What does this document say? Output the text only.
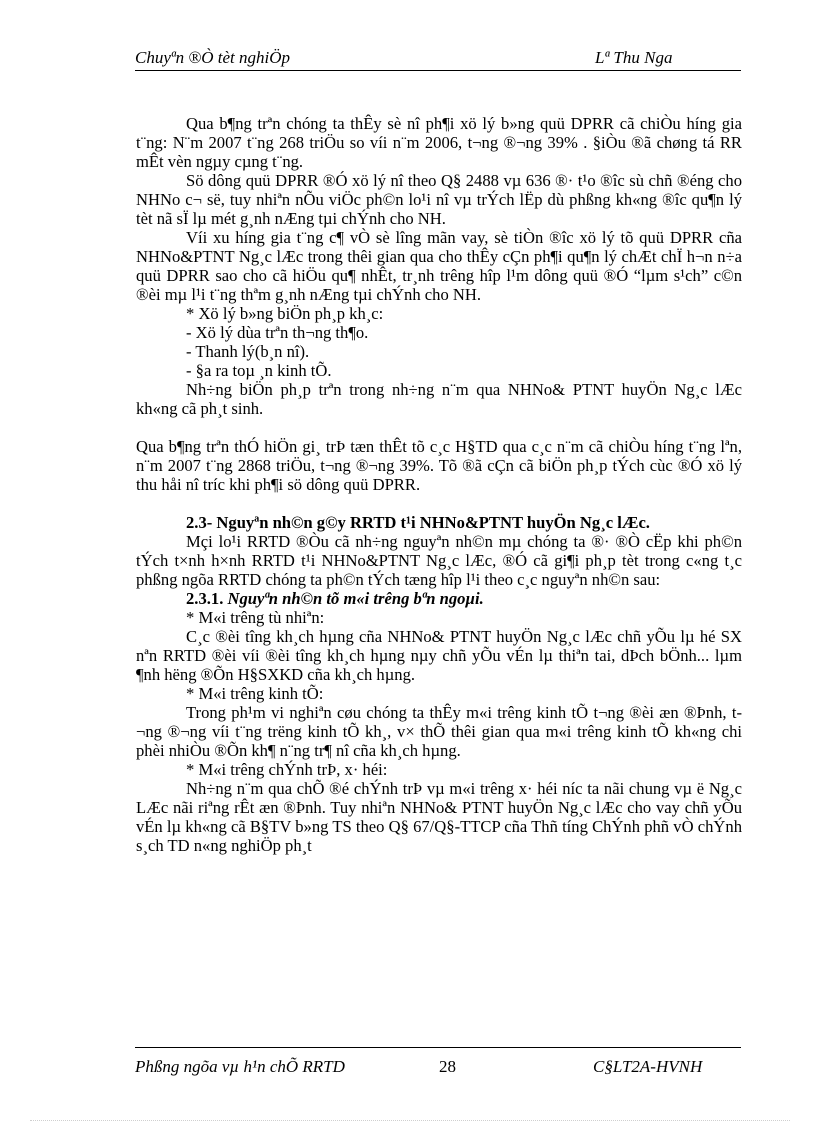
Chuyªn ®Ò tèt nghiÖp	Lª Thu Nga

Qua b¶ng trªn chóng ta thÊy sè nî ph¶i xö lý b»ng quü DPRR cã chiÒu híng gia t¨ng: N¨m 2007 t¨ng 268 triÖu so víi n¨m 2006, t¬ng ®¬ng 39% . §iÒu ®ã chøng tá RR mÊt vèn ngµy cµng t¨ng.

Sö dông quü DPRR ®Ó xö lý nî theo Q§ 2488 vµ 636 ®· t¹o ®îc sù chñ ®éng cho NHNo c¬ së, tuy nhiªn nÕu viÖc ph©n lo¹i nî vµ trÝch lËp dù phßng kh«ng ®îc qu¶n lý tèt nã sÏ lµ mét g¸nh nÆng tµi chÝnh cho NH.

Víi xu híng gia t¨ng c¶ vÒ sè lîng mãn vay, sè tiÒn ®îc xö lý tõ quü DPRR cña NHNo&PTNT Ng¸c lÆc trong thêi gian qua cho thÊy cÇn ph¶i qu¶n lý chÆt chÏ h¬n n÷a quü DPRR sao cho cã hiÖu qu¶ nhÊt, tr¸nh trêng hîp l¹m dông quü ®Ó “lµm s¹ch” c©n ®èi mµ l¹i t¨ng thªm g¸nh nÆng tµi chÝnh cho NH.

* Xö lý b»ng biÖn ph¸p kh¸c:

- Xö lý dùa trªn th¬ng th¶o.

- Thanh lý(b¸n nî).

- §a ra toµ ¸n kinh tÕ.

Nh÷ng biÖn ph¸p trªn trong nh÷ng n¨m qua NHNo& PTNT huyÖn Ng¸c lÆc kh«ng cã ph¸t sinh.

Qua b¶ng trªn thÓ hiÖn gi¸ trÞ tæn thÊt tõ c¸c H§TD qua c¸c n¨m cã chiÒu híng t¨ng lªn, n¨m 2007 t¨ng 2868 triÖu, t¬ng ®¬ng 39%. Tõ ®ã cÇn cã biÖn ph¸p tÝch cùc ®Ó xö lý thu håi nî tríc khi ph¶i sö dông quü DPRR.

2.3- Nguyªn nh©n g©y RRTD t¹i NHNo&PTNT huyÖn Ng¸c lÆc.

Mçi lo¹i RRTD ®Òu cã nh÷ng nguyªn nh©n mµ chóng ta ®· ®Ò cËp khi ph©n tÝch t×nh h×nh RRTD t¹i NHNo&PTNT Ng¸c lÆc, ®Ó cã gi¶i ph¸p tèt trong c«ng t¸c phßng ngõa RRTD chóng ta ph©n tÝch tæng hîp l¹i theo c¸c nguyªn nh©n sau:

2.3.1. Nguyªn nh©n tõ m«i trêng bªn ngoµi.

* M«i trêng tù nhiªn:

C¸c ®èi tîng kh¸ch hµng cña NHNo& PTNT huyÖn Ng¸c lÆc chñ yÕu lµ hé SX nªn RRTD ®èi víi ®èi tîng kh¸ch hµng nµy chñ yÕu vÉn lµ thiªn tai, dÞch bÖnh... lµm ¶nh hëng ®Õn H§SXKD cña kh¸ch hµng.

* M«i trêng kinh tÕ:

Trong ph¹m vi nghiªn cøu chóng ta thÊy m«i trêng kinh tÕ t¬ng ®èi æn ®Þnh, t¬ng ®¬ng víi t¨ng trëng kinh tÕ kh¸, v× thÕ thêi gian qua m«i trêng kinh tÕ kh«ng chi phèi nhiÒu ®Õn kh¶ n¨ng tr¶ nî cña kh¸ch hµng.

* M«i trêng chÝnh trÞ, x· héi:

Nh÷ng n¨m qua chÕ ®é chÝnh trÞ vµ m«i trêng x· héi níc ta nãi chung vµ ë Ng¸c LÆc nãi riªng rÊt æn ®Þnh. Tuy nhiªn NHNo& PTNT huyÖn Ng¸c lÆc cho vay chñ yÕu vÉn lµ kh«ng cã B§TV b»ng TS theo Q§ 67/Q§-TTCP cña Thñ tíng ChÝnh phñ vÒ chÝnh s¸ch TD n«ng nghiÖp ph¸t

Phßng ngõa vµ h¹n chÕ RRTD	28	C§LT2A-HVNH
